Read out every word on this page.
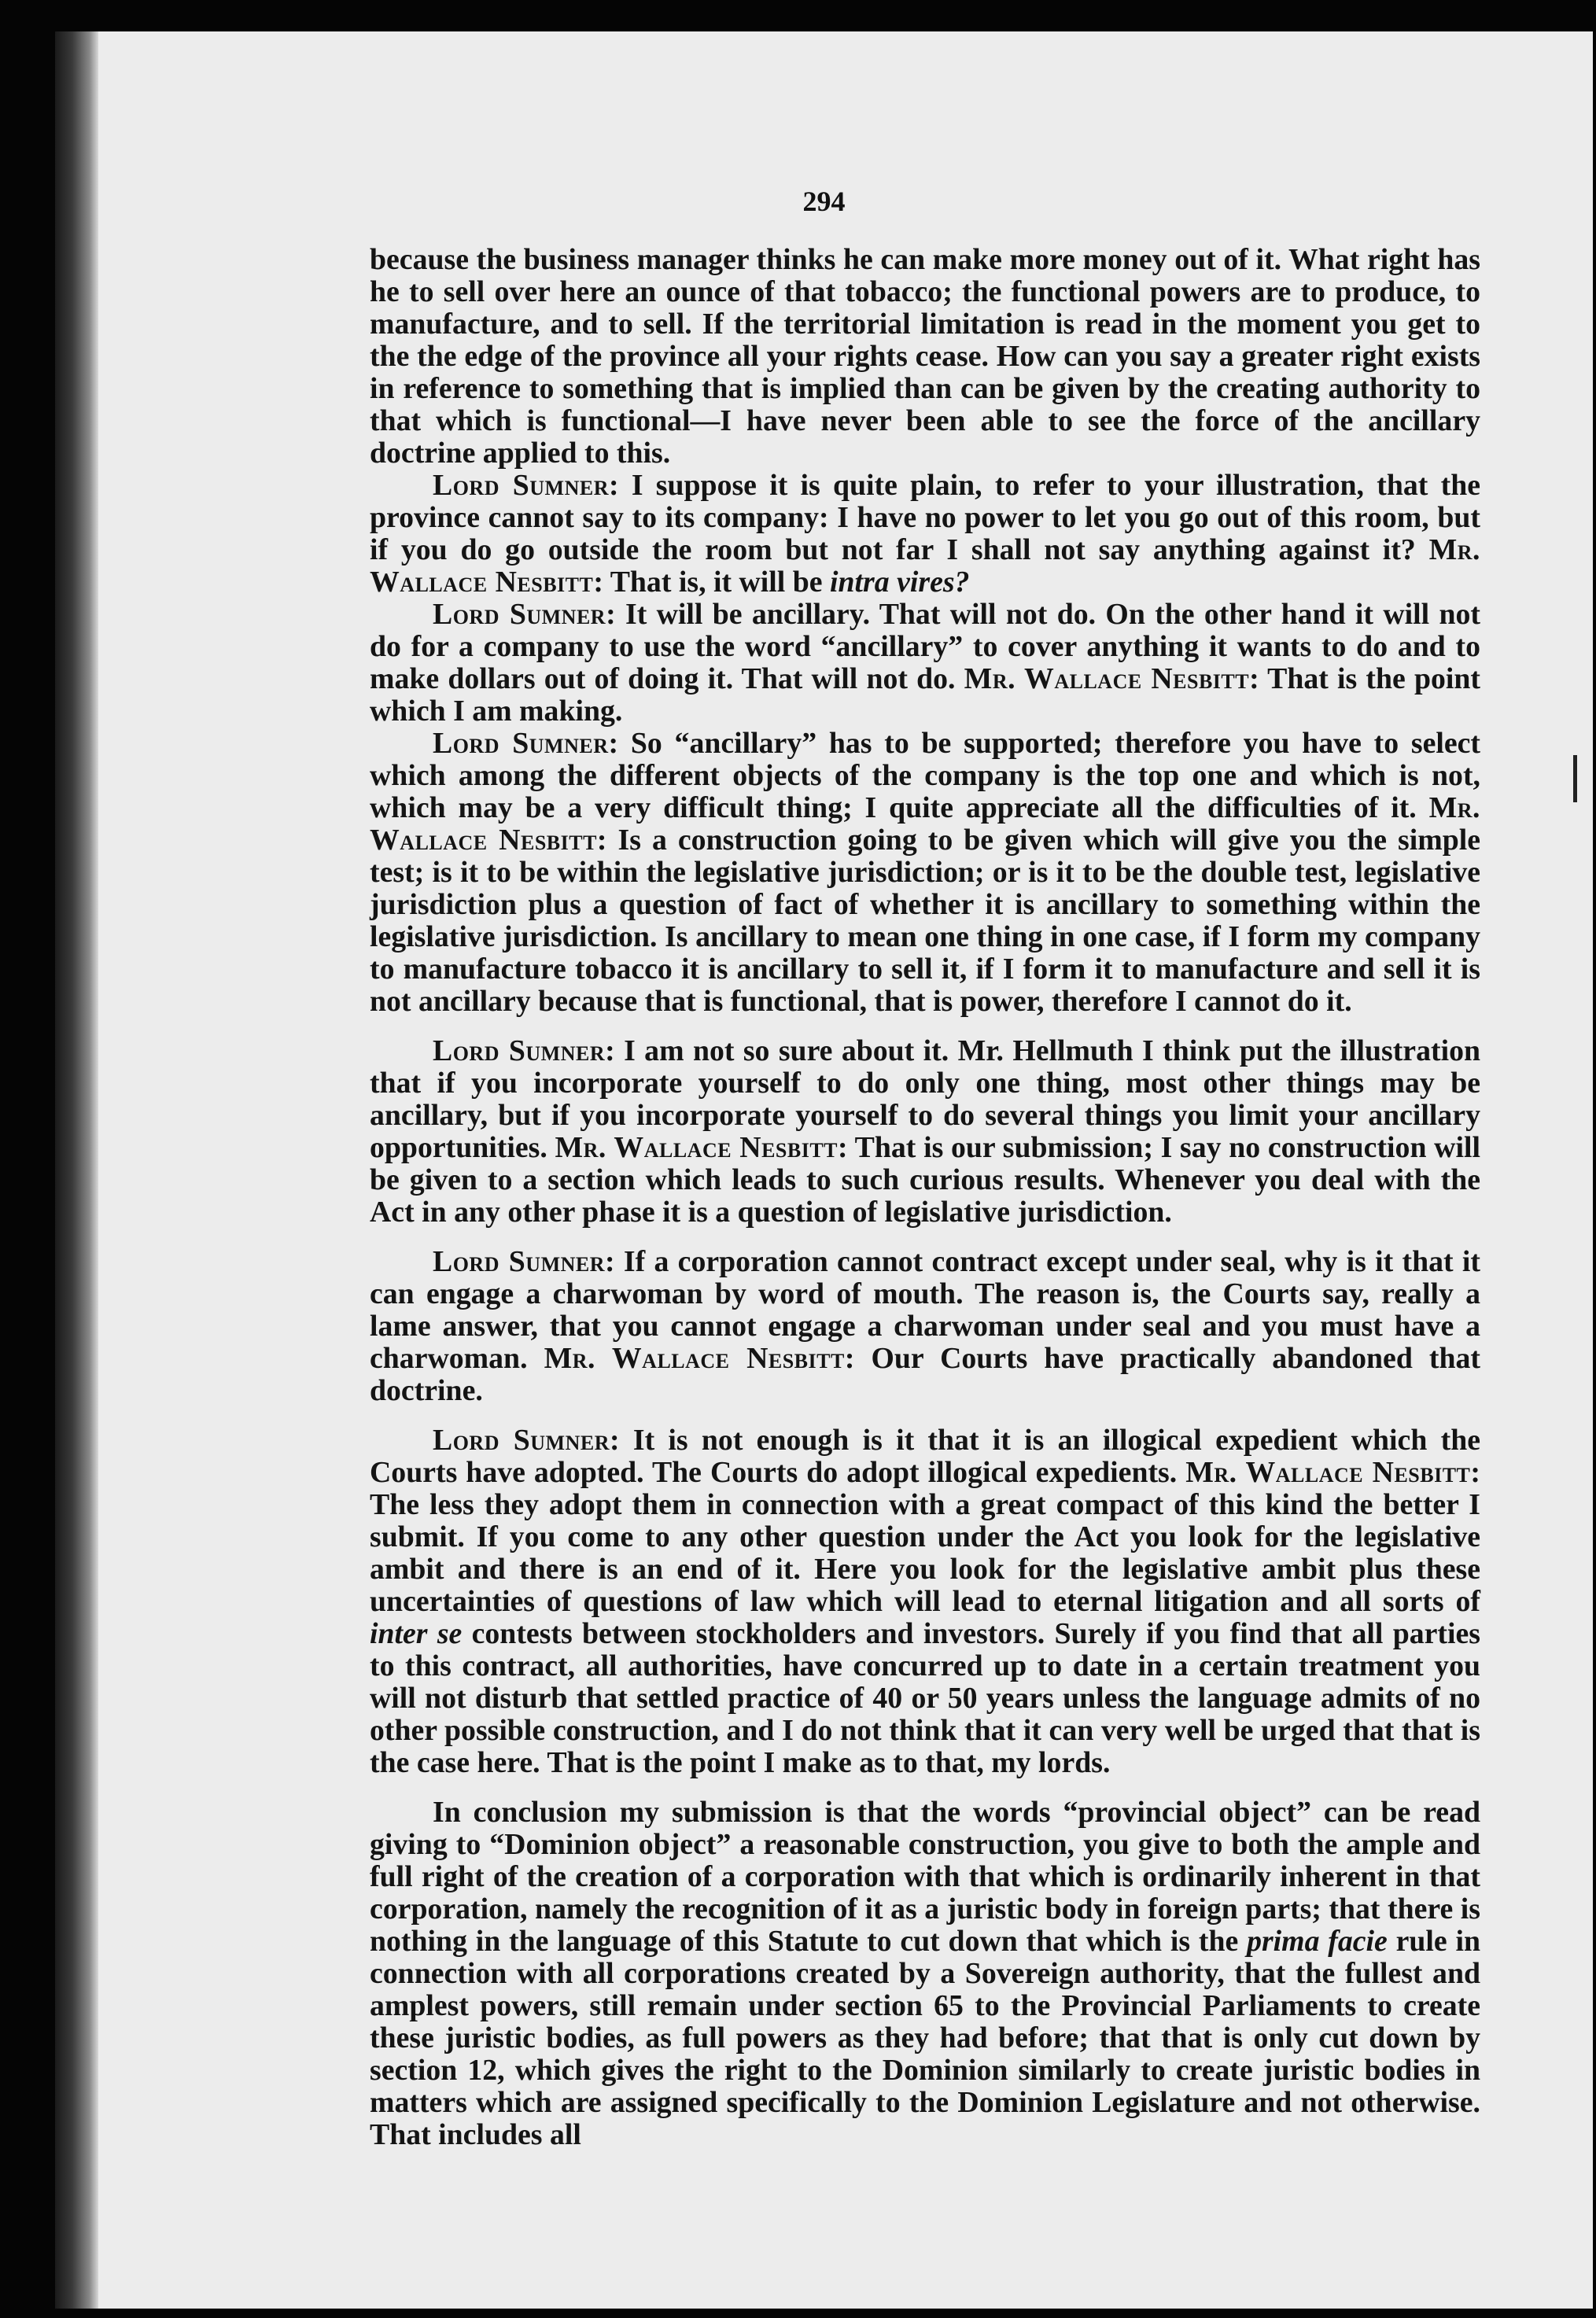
294

because the business manager thinks he can make more money out of it. What right has he to sell over here an ounce of that tobacco; the functional powers are to produce, to manufacture, and to sell. If the territorial limitation is read in the moment you get to the the edge of the province all your rights cease. How can you say a greater right exists in reference to something that is implied than can be given by the creating authority to that which is functional—I have never been able to see the force of the ancillary doctrine applied to this.

Lord Sumner: I suppose it is quite plain, to refer to your illustration, that the province cannot say to its company: I have no power to let you go out of this room, but if you do go outside the room but not far I shall not say anything against it? Mr. Wallace Nesbitt: That is, it will be intra vires?

Lord Sumner: It will be ancillary. That will not do. On the other hand it will not do for a company to use the word “ancillary” to cover anything it wants to do and to make dollars out of doing it. That will not do. Mr. Wallace Nesbitt: That is the point which I am making.

Lord Sumner: So “ancillary” has to be supported; therefore you have to select which among the different objects of the company is the top one and which is not, which may be a very difficult thing; I quite appreciate all the difficulties of it. Mr. Wallace Nesbitt: Is a construction going to be given which will give you the simple test; is it to be within the legislative jurisdiction; or is it to be the double test, legislative jurisdiction plus a question of fact of whether it is ancillary to something within the legislative jurisdiction. Is ancillary to mean one thing in one case, if I form my company to manufacture tobacco it is ancillary to sell it, if I form it to manufacture and sell it is not ancillary because that is functional, that is power, therefore I cannot do it.

Lord Sumner: I am not so sure about it. Mr. Hellmuth I think put the illustration that if you incorporate yourself to do only one thing, most other things may be ancillary, but if you incorporate yourself to do several things you limit your ancillary opportunities. Mr. Wallace Nesbitt: That is our submission; I say no construction will be given to a section which leads to such curious results. Whenever you deal with the Act in any other phase it is a question of legislative jurisdiction.

Lord Sumner: If a corporation cannot contract except under seal, why is it that it can engage a charwoman by word of mouth. The reason is, the Courts say, really a lame answer, that you cannot engage a charwoman under seal and you must have a charwoman. Mr. Wallace Nesbitt: Our Courts have practically abandoned that doctrine.

Lord Sumner: It is not enough is it that it is an illogical expedient which the Courts have adopted. The Courts do adopt illogical expedients. Mr. Wallace Nesbitt: The less they adopt them in connection with a great compact of this kind the better I submit. If you come to any other question under the Act you look for the legislative ambit and there is an end of it. Here you look for the legislative ambit plus these uncertainties of questions of law which will lead to eternal litigation and all sorts of inter se contests between stockholders and investors. Surely if you find that all parties to this contract, all authorities, have concurred up to date in a certain treatment you will not disturb that settled practice of 40 or 50 years unless the language admits of no other possible construction, and I do not think that it can very well be urged that that is the case here. That is the point I make as to that, my lords.

In conclusion my submission is that the words “provincial object” can be read giving to “Dominion object” a reasonable construction, you give to both the ample and full right of the creation of a corporation with that which is ordinarily inherent in that corporation, namely the recognition of it as a juristic body in foreign parts; that there is nothing in the language of this Statute to cut down that which is the prima facie rule in connection with all corporations created by a Sovereign authority, that the fullest and amplest powers, still remain under section 65 to the Provincial Parliaments to create these juristic bodies, as full powers as they had before; that that is only cut down by section 12, which gives the right to the Dominion similarly to create juristic bodies in matters which are assigned specifically to the Dominion Legislature and not otherwise. That includes all
